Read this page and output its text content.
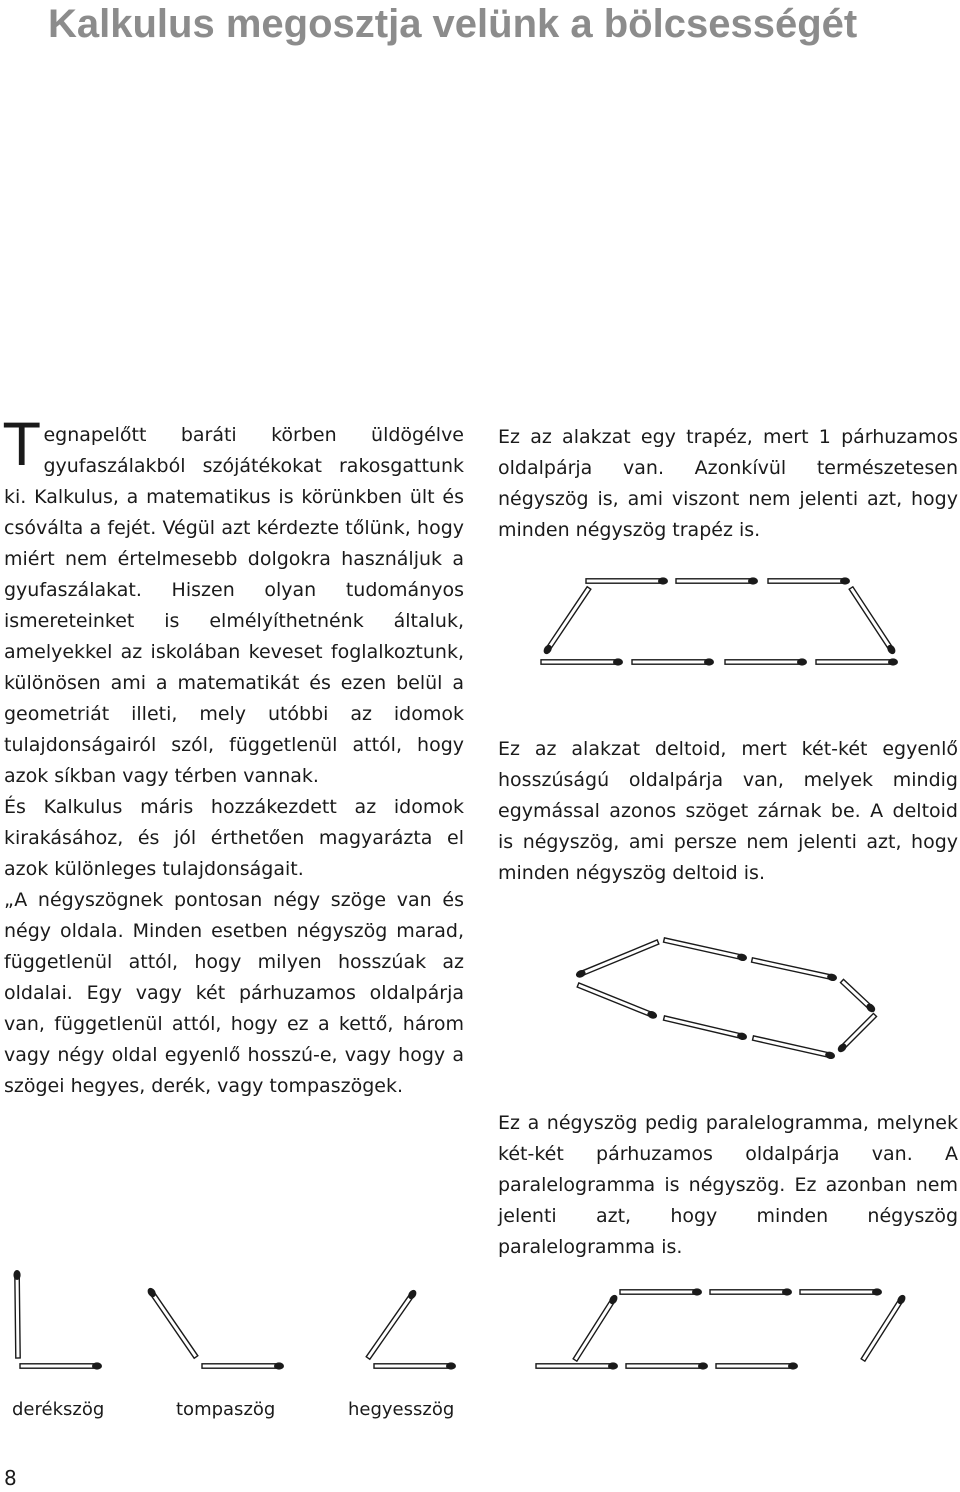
Kalkulus megosztja velünk a bölcsességét

Tegnapelőtt baráti körben üldögélve gyufaszálakból szójátékokat rakosgattunk ki. Kalkulus, a matematikus is körünkben ült és csóválta a fejét. Végül azt kérdezte tőlünk, hogy miért nem értelmesebb dolgokra használjuk a gyufaszálakat. Hiszen olyan tudományos ismereteinket is elmélyíthetnénk általuk, amelyekkel az iskolában keveset foglalkoztunk, különösen ami a matematikát és ezen belül a geometriát illeti, mely utóbbi az idomok tulajdonságairól szól, függetlenül attól, hogy azok síkban vagy térben vannak.

És Kalkulus máris hozzákezdett az idomok kirakásához, és jól érthetően magyarázta el azok különleges tulajdonságait.

„A négyszögnek pontosan négy szöge van és négy oldala. Minden esetben négyszög marad, függetlenül attól, hogy milyen hosszúak az oldalai. Egy vagy két párhuzamos oldalpárja van, függetlenül attól, hogy ez a kettő, három vagy négy oldal egyenlő hosszú-e, vagy hogy a szögei hegyes, derék, vagy tompaszögek.

Ez az alakzat egy trapéz, mert 1 párhuzamos oldalpárja van. Azonkívül természetesen négyszög is, ami viszont nem jelenti azt, hogy minden négyszög trapéz is.

Ez az alakzat deltoid, mert két-két egyenlő hosszúságú oldalpárja van, melyek mindig egymással azonos szöget zárnak be. A deltoid is négyszög, ami persze nem jelenti azt, hogy minden négyszög deltoid is.

Ez a négyszög pedig paralelogramma, melynek két-két párhuzamos oldalpárja van. A paralelogramma is négyszög. Ez azonban nem jelenti azt, hogy minden négyszög paralelogramma is.

derékszög	tompaszög	hegyesszög
8
